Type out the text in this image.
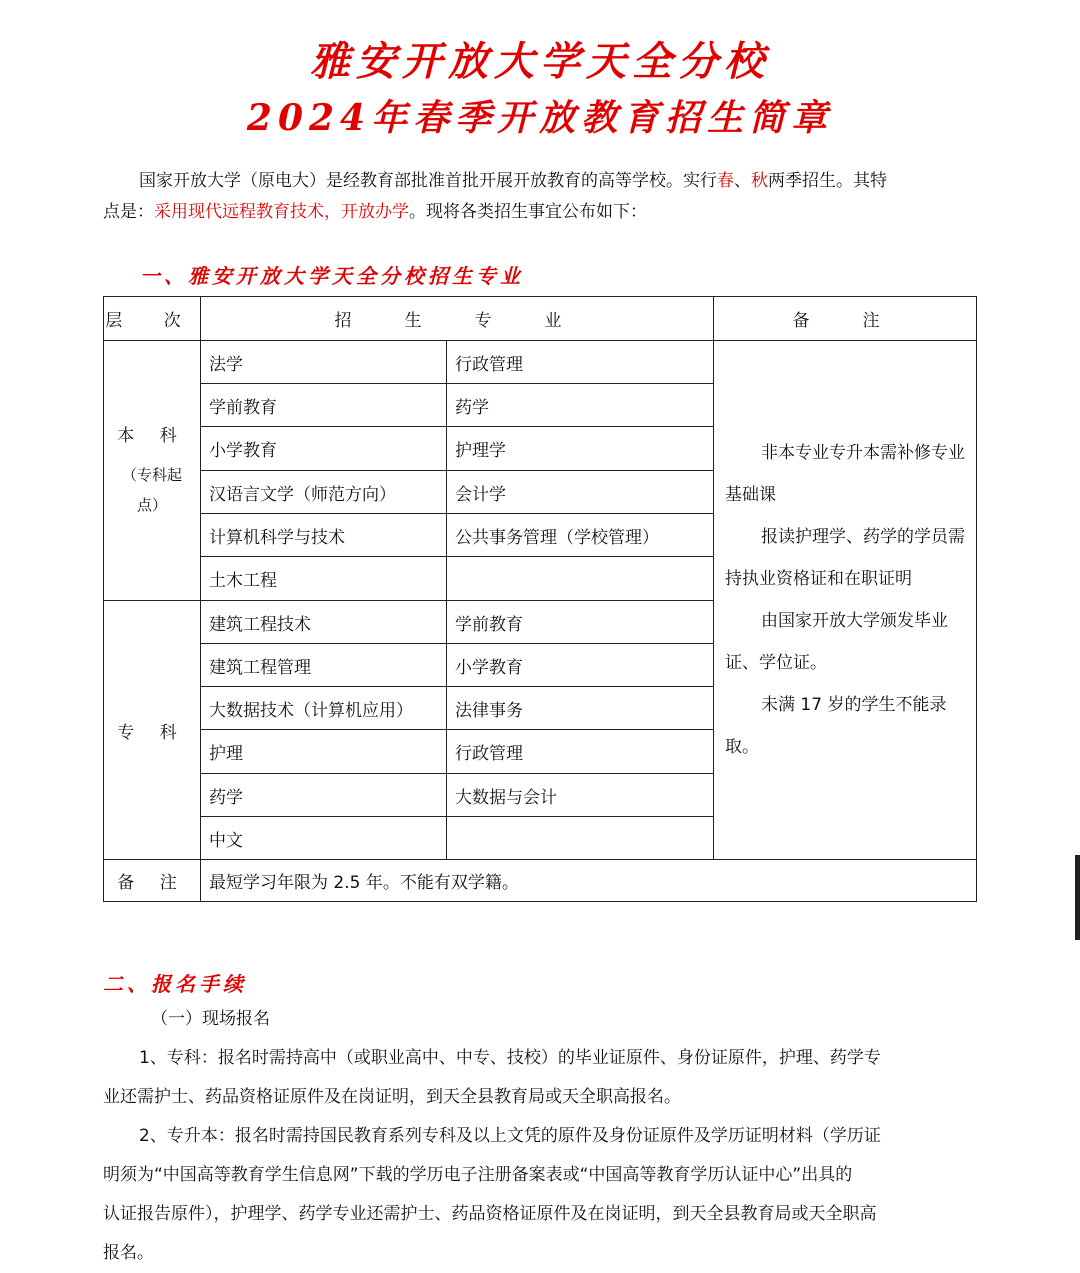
雅安开放大学天全分校
2024年春季开放教育招生简章
国家开放大学（原电大）是经教育部批准首批开展开放教育的高等学校。实行春、秋两季招生。其特
点是：采用现代远程教育技术，开放办学。现将各类招生事宜公布如下：
一、雅安开放大学天全分校招生专业
层 次	招　生　专　业	备　注
本 科
（专科起
点）
法学	行政管理
学前教育	药学
小学教育	护理学
汉语言文学（师范方向）	会计学
计算机科学与技术	公共事务管理（学校管理）
土木工程
专 科
建筑工程技术	学前教育
建筑工程管理	小学教育
大数据技术（计算机应用）	法律事务
护理	行政管理
药学	大数据与会计
中文

非本专业专升本需补修专业基础课

报读护理学、药学的学员需持执业资格证和在职证明

由国家开放大学颁发毕业证、学位证。

未满 17 岁的学生不能录取。

备 注	最短学习年限为 2.5 年。不能有双学籍。
二、报名手续
（一）现场报名
1、专科：报名时需持高中（或职业高中、中专、技校）的毕业证原件、身份证原件，护理、药学专
业还需护士、药品资格证原件及在岗证明，到天全县教育局或天全职高报名。
2、专升本：报名时需持国民教育系列专科及以上文凭的原件及身份证原件及学历证明材料（学历证
明须为“中国高等教育学生信息网”下载的学历电子注册备案表或“中国高等教育学历认证中心”出具的
认证报告原件），护理学、药学专业还需护士、药品资格证原件及在岗证明，到天全县教育局或天全职高
报名。
